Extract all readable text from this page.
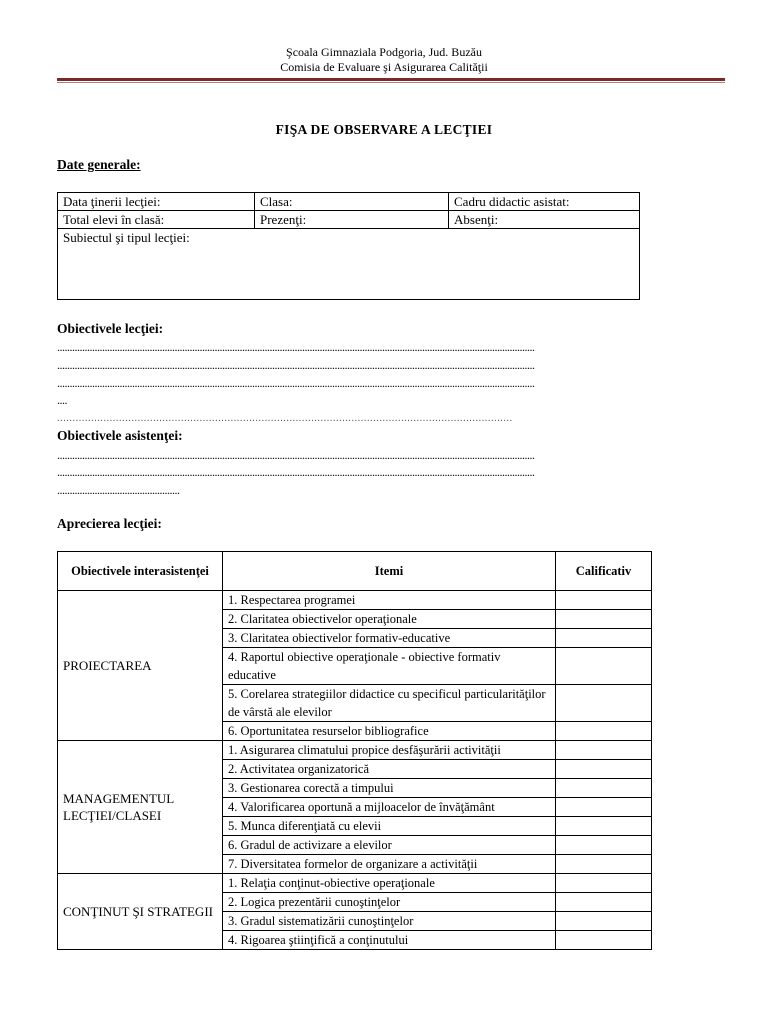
Şcoala Gimnaziala Podgoria, Jud. Buzău
Comisia de Evaluare şi Asigurarea Calităţii
FIŞA DE OBSERVARE A LECŢIEI
Date generale:
Data ţinerii lecţiei:	Clasa:	Cadru didactic asistat:
Total elevi în clasă:	Prezenţi:	Absenţi:
Subiectul şi tipul lecţiei:		
Obiectivele lecţiei:
...............................................................................................................................................................................................
...............................................................................................................................................................................................
...............................................................................................................................................................................................
....
...................................................................................................................................................
Obiectivele asistenţei:
...............................................................................................................................................................................................
...............................................................................................................................................................................................
.................................................
Aprecierea lecţiei:
Obiectivele interasistenţei	Itemi	Calificativ
PROIECTAREA	1. Respectarea programei	
	2. Claritatea obiectivelor operaţionale	
	3. Claritatea obiectivelor formativ-educative	
	4. Raportul obiective operaţionale - obiective formativ educative	
	5. Corelarea strategiilor didactice cu specificul particularităţilor de vârstă ale elevilor	
	6. Oportunitatea resurselor bibliografice	
MANAGEMENTUL LECŢIEI/CLASEI	1. Asigurarea climatului propice desfăşurării activităţii	
	2. Activitatea organizatorică	
	3. Gestionarea corectă a timpului	
	4. Valorificarea oportună a mijloacelor de învăţământ	
	5. Munca diferenţiată cu elevii	
	6. Gradul de activizare a elevilor	
	7. Diversitatea formelor de organizare a activităţii	
CONŢINUT ŞI STRATEGII	1. Relaţia conţinut-obiective operaţionale	
	2. Logica prezentării cunoştinţelor	
	3. Gradul sistematizării cunoştinţelor	
	4. Rigoarea ştiinţifică a conţinutului	
